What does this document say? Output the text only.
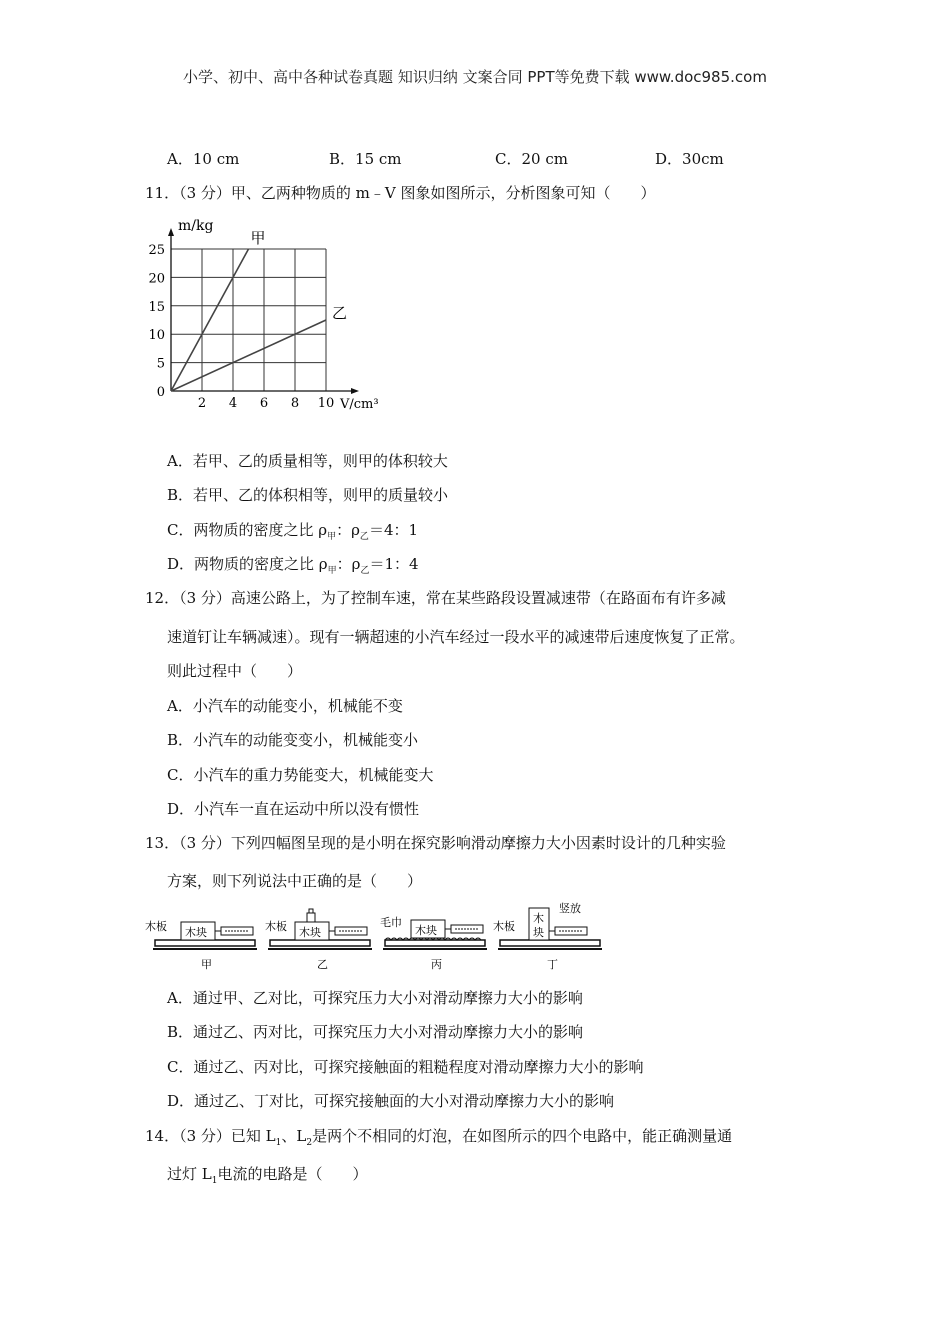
小学、初中、高中各种试卷真题 知识归纳 文案合同 PPT等免费下载 www.doc985.com
A．10 cm	B．15 cm	C．20 cm	D．30cm
11．（3 分）甲、乙两种物质的 m﹣V 图象如图所示，分析图象可知（　　）
甲
乙
2 4 6 8 10
25
20
15
10
5
0
m/kg
V/cm³
A．若甲、乙的质量相等，则甲的体积较大
B．若甲、乙的体积相等，则甲的质量较小
C．两物质的密度之比 $\rho_甲$：$\rho_乙=4$：1
D．两物质的密度之比 $\rho_甲$：$\rho_乙=1$：4
12．（3 分）高速公路上，为了控制车速，常在某些路段设置减速带（在路面布有许多减
速道钉让车辆减速）。现有一辆超速的小汽车经过一段水平的减速带后速度恢复了正常。
则此过程中（　　）
A．小汽车的动能变小，机械能不变
B．小汽车的动能变变小，机械能变小
C．小汽车的重力势能变大，机械能变大
D．小汽车一直在运动中所以没有惯性
13．（3 分）下列四幅图呈现的是小明在探究影响滑动摩擦力大小因素时设计的几种实验
方案，则下列说法中正确的是（　　）
木板 木块
甲
木板 木块
乙
毛巾
木块
丙
木板
木
块
竖放
丁
A．通过甲、乙对比，可探究压力大小对滑动摩擦力大小的影响
B．通过乙、丙对比，可探究压力大小对滑动摩擦力大小的影响
C．通过乙、丙对比，可探究接触面的粗糙程度对滑动摩擦力大小的影响
D．通过乙、丁对比，可探究接触面的大小对滑动摩擦力大小的影响
14．（3 分）已知 $L_1$、$L_2$是两个不相同的灯泡，在如图所示的四个电路中，能正确测量通
过灯 $L_1$电流的电路是（　　）
